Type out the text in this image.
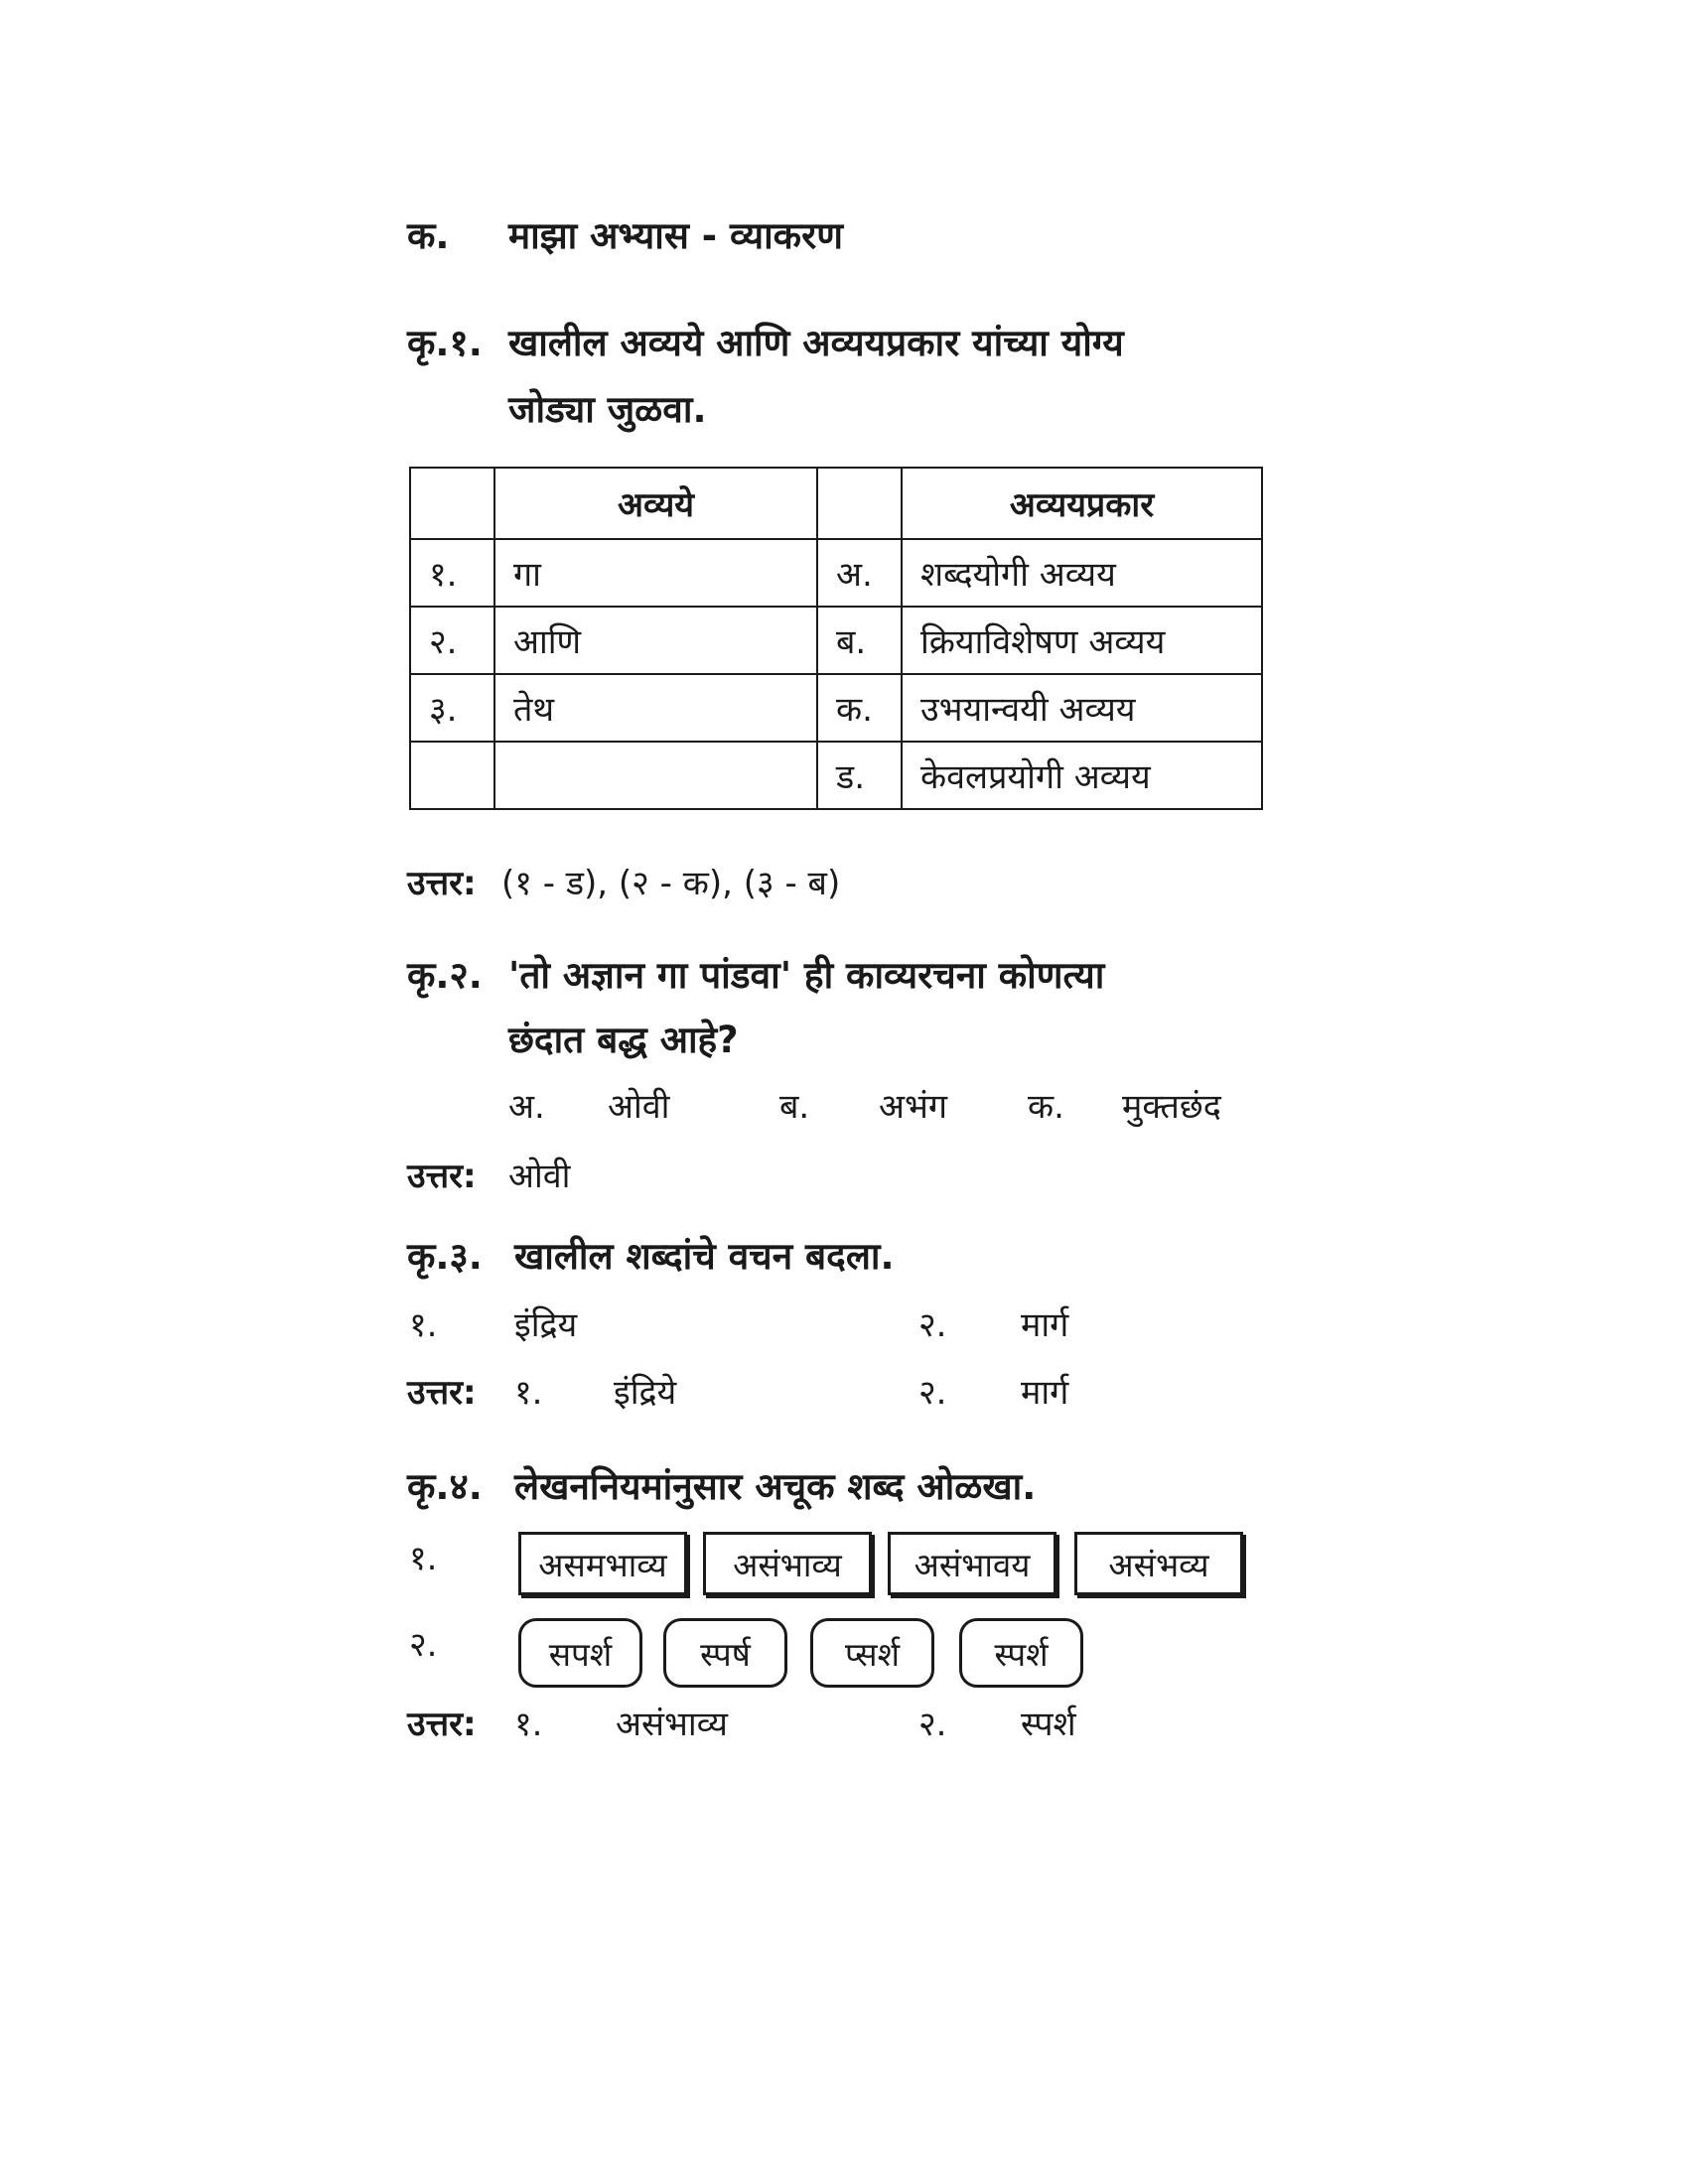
क. माझा अभ्यास - व्याकरण
कृ.१. खालील अव्यये आणि अव्ययप्रकार यांच्या योग्य
जोड्या जुळवा.
	अव्यये		अव्ययप्रकार
१.	गा	अ.	शब्दयोगी अव्यय
२.	आणि	ब.	क्रियाविशेषण अव्यय
३.	तेथ	क.	उभयान्वयी अव्यय
		ड.	केवलप्रयोगी अव्यय
उत्तर: (१ - ड), (२ - क), (३ - ब)
कृ.२. 'तो अज्ञान गा पांडवा' ही काव्यरचना कोणत्या
छंदात बद्ध आहे?
अ. ओवी	ब. अभंग क. मुक्तछंद
उत्तर: ओवी
कृ.३. खालील शब्दांचे वचन बदला.
१. इंद्रिय	२. मार्ग
उत्तर: १. इंद्रिये	२. मार्ग
कृ.४. लेखननियमांनुसार अचूक शब्द ओळखा.
१.	असमभाव्य	असंभाव्य	असंभावय	असंभव्य
२.	सपर्श	स्पर्ष	प्सर्श	स्पर्श
उत्तर: १. असंभाव्य	२. स्पर्श
